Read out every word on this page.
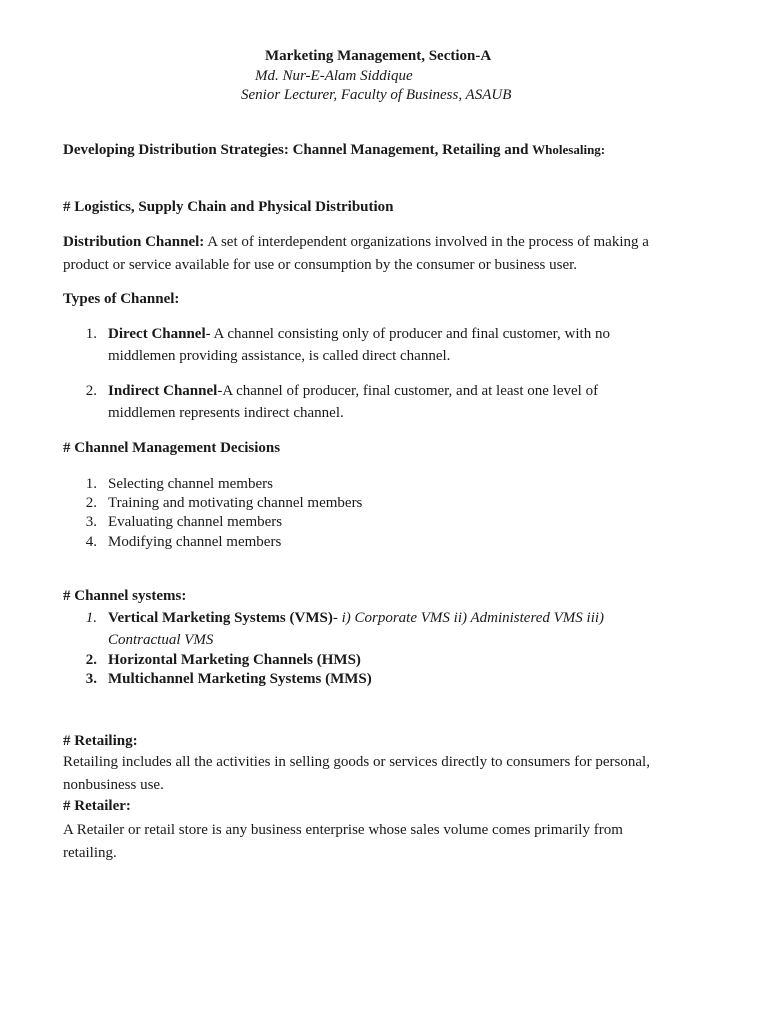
Marketing Management, Section-A
Md. Nur-E-Alam Siddique
Senior Lecturer, Faculty of Business, ASAUB
Developing Distribution Strategies: Channel Management, Retailing and Wholesaling:
# Logistics, Supply Chain and Physical Distribution
Distribution Channel: A set of interdependent organizations involved in the process of making a
product or service available for use or consumption by the consumer or business user.
Types of Channel:
1. Direct Channel- A channel consisting only of producer and final customer, with no
middlemen providing assistance, is called direct channel.
2. Indirect Channel-A channel of producer, final customer, and at least one level of
middlemen represents indirect channel.
# Channel Management Decisions
1. Selecting channel members
2. Training and motivating channel members
3. Evaluating channel members
4. Modifying channel members
# Channel systems:
1. Vertical Marketing Systems (VMS)- i) Corporate VMS ii) Administered VMS iii)
Contractual VMS
2. Horizontal Marketing Channels (HMS)
3. Multichannel Marketing Systems (MMS)
# Retailing:
Retailing includes all the activities in selling goods or services directly to consumers for personal,
nonbusiness use.
# Retailer:
A Retailer or retail store is any business enterprise whose sales volume comes primarily from
retailing.
